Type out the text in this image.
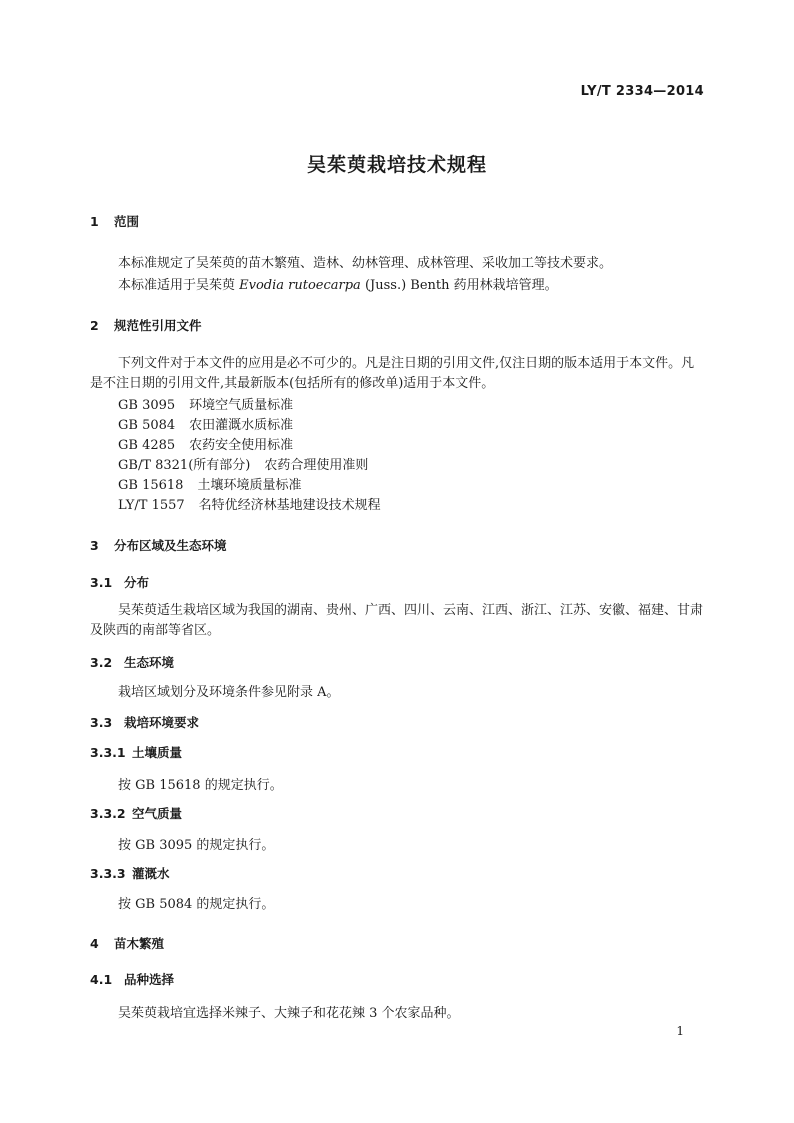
LY/T 2334—2014
吴茱萸栽培技术规程
1 范围
本标准规定了吴茱萸的苗木繁殖、造林、幼林管理、成林管理、采收加工等技术要求。
本标准适用于吴茱萸 Evodia rutoecarpa (Juss.) Benth 药用林栽培管理。
2 规范性引用文件
下列文件对于本文件的应用是必不可少的。凡是注日期的引用文件,仅注日期的版本适用于本文件。凡是不注日期的引用文件,其最新版本(包括所有的修改单)适用于本文件。
GB 3095 环境空气质量标准
GB 5084 农田灌溉水质标准
GB 4285 农药安全使用标准
GB/T 8321(所有部分) 农药合理使用准则
GB 15618 土壤环境质量标准
LY/T 1557 名特优经济林基地建设技术规程
3 分布区域及生态环境
3.1 分布
吴茱萸适生栽培区域为我国的湖南、贵州、广西、四川、云南、江西、浙江、江苏、安徽、福建、甘肃及陕西的南部等省区。
3.2 生态环境
栽培区域划分及环境条件参见附录 A。
3.3 栽培环境要求
3.3.1 土壤质量
按 GB 15618 的规定执行。
3.3.2 空气质量
按 GB 3095 的规定执行。
3.3.3 灌溉水
按 GB 5084 的规定执行。
4 苗木繁殖
4.1 品种选择
吴茱萸栽培宜选择米辣子、大辣子和花花辣 3 个农家品种。
1
